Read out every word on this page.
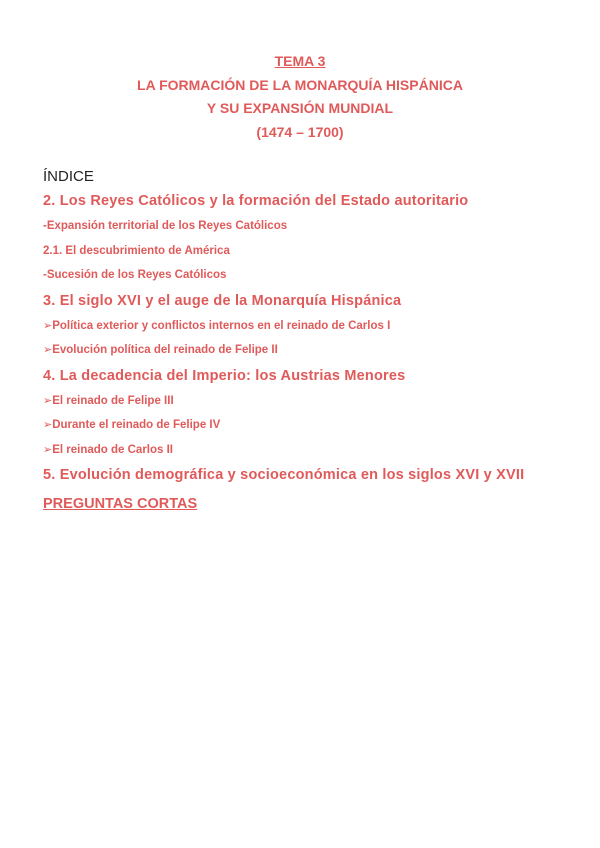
TEMA 3
LA FORMACIÓN DE LA MONARQUÍA HISPÁNICA
Y SU EXPANSIÓN MUNDIAL
(1474 – 1700)
ÍNDICE
2. Los Reyes Católicos y la formación del Estado autoritario
-Expansión territorial de los Reyes Católicos
2.1. El descubrimiento de América
-Sucesión de los Reyes Católicos
3. El siglo XVI y el auge de la Monarquía Hispánica
➢Política exterior y conflictos internos en el reinado de Carlos I
➢Evolución política del reinado de Felipe II
4. La decadencia del Imperio: los Austrias Menores
➢El reinado de Felipe III
➢Durante el reinado de Felipe IV
➢El reinado de Carlos II
5. Evolución demográfica y socioeconómica en los siglos XVI y XVII
PREGUNTAS CORTAS
